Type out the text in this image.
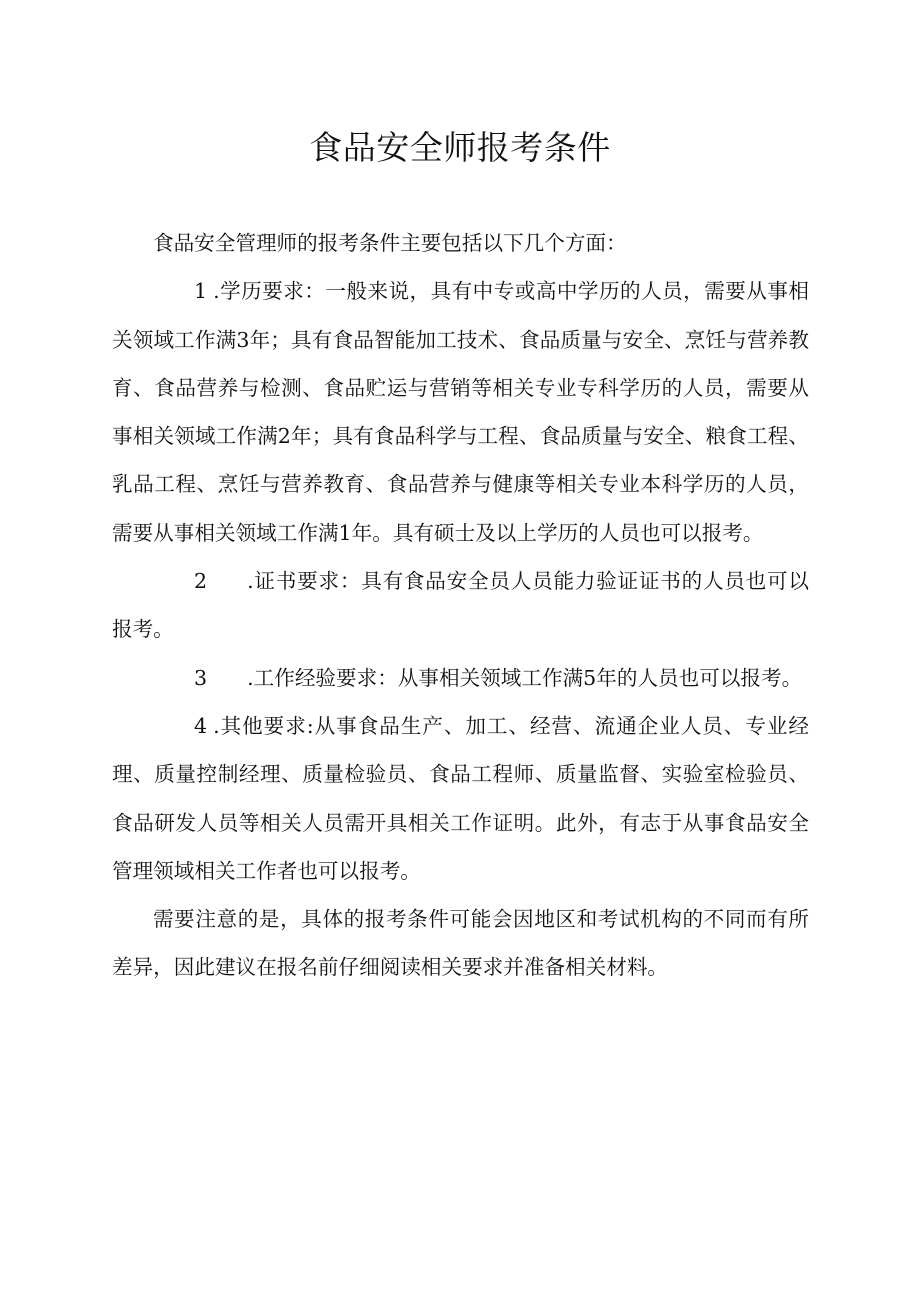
食品安全师报考条件

食品安全管理师的报考条件主要包括以下几个方面：

1 .学历要求：一般来说，具有中专或高中学历的人员，需要从事相关领域工作满3年；具有食品智能加工技术、食品质量与安全、烹饪与营养教育、食品营养与检测、食品贮运与营销等相关专业专科学历的人员，需要从事相关领域工作满2年；具有食品科学与工程、食品质量与安全、粮食工程、乳品工程、烹饪与营养教育、食品营养与健康等相关专业本科学历的人员，需要从事相关领域工作满1年。具有硕士及以上学历的人员也可以报考。

2 .证书要求：具有食品安全员人员能力验证证书的人员也可以报考。

3 .工作经验要求：从事相关领域工作满5年的人员也可以报考。

4 .其他要求:从事食品生产、加工、经营、流通企业人员、专业经理、质量控制经理、质量检验员、食品工程师、质量监督、实验室检验员、食品研发人员等相关人员需开具相关工作证明。此外，有志于从事食品安全管理领域相关工作者也可以报考。

需要注意的是，具体的报考条件可能会因地区和考试机构的不同而有所差异，因此建议在报名前仔细阅读相关要求并准备相关材料。
